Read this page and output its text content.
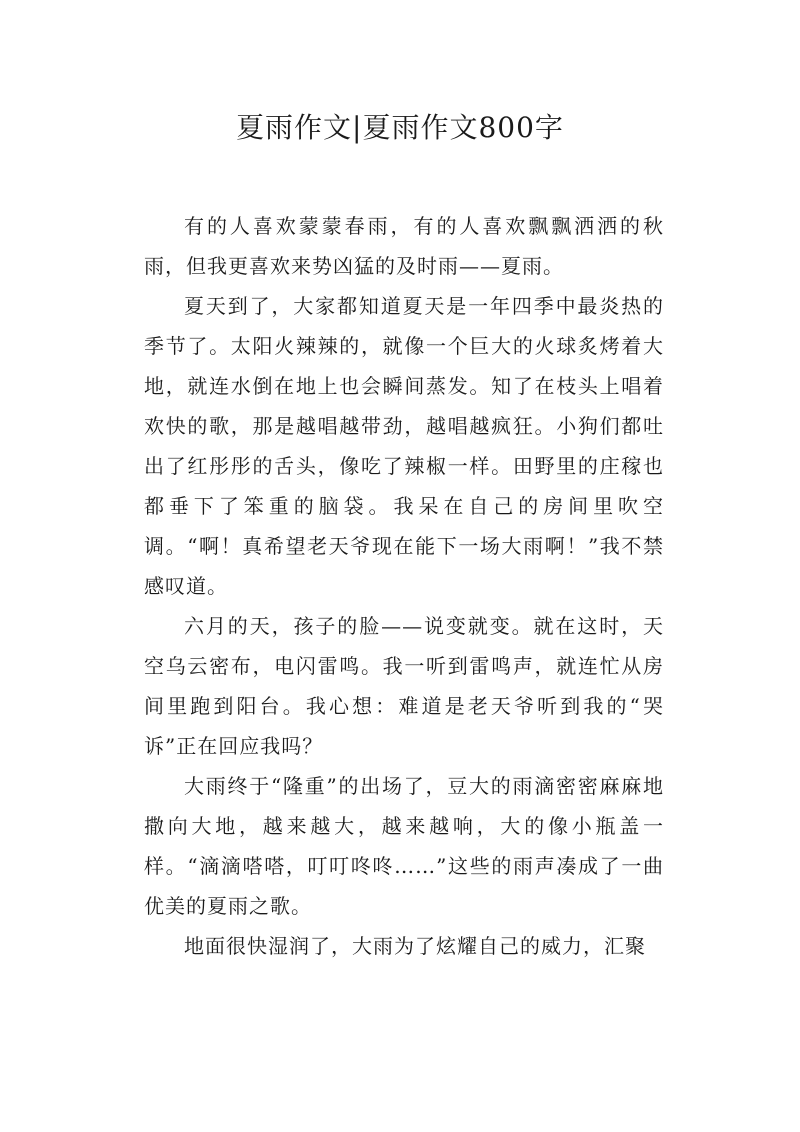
夏雨作文|夏雨作文800字

有的人喜欢蒙蒙春雨，有的人喜欢飘飘洒洒的秋雨，但我更喜欢来势凶猛的及时雨——夏雨。

夏天到了，大家都知道夏天是一年四季中最炎热的季节了。太阳火辣辣的，就像一个巨大的火球炙烤着大地，就连水倒在地上也会瞬间蒸发。知了在枝头上唱着欢快的歌，那是越唱越带劲，越唱越疯狂。小狗们都吐出了红彤彤的舌头，像吃了辣椒一样。田野里的庄稼也都垂下了笨重的脑袋。我呆在自己的房间里吹空调。“啊！真希望老天爷现在能下一场大雨啊！”我不禁感叹道。

六月的天，孩子的脸——说变就变。就在这时，天空乌云密布，电闪雷鸣。我一听到雷鸣声，就连忙从房间里跑到阳台。我心想：难道是老天爷听到我的“哭诉”正在回应我吗？

大雨终于“隆重”的出场了，豆大的雨滴密密麻麻地撒向大地，越来越大，越来越响，大的像小瓶盖一样。“滴滴嗒嗒，叮叮咚咚……”这些的雨声凑成了一曲优美的夏雨之歌。

地面很快湿润了，大雨为了炫耀自己的威力，汇聚
